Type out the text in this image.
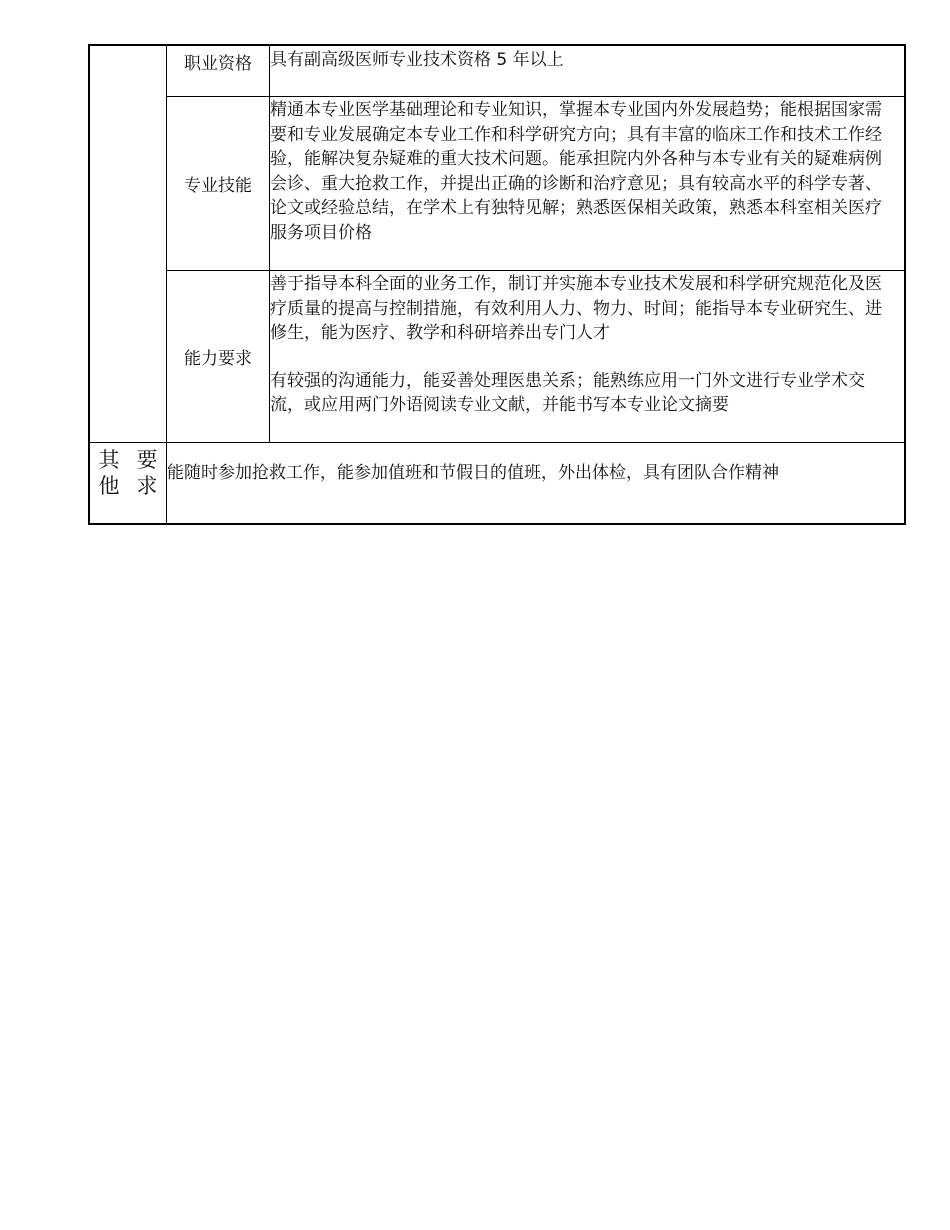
职业资格	具有副高级医师专业技术资格 5 年以上
专业技能
精通本专业医学基础理论和专业知识，掌握本专业国内外发展趋势；能根据国家需要和专业发展确定本专业工作和科学研究方向；具有丰富的临床工作和技术工作经验，能解决复杂疑难的重大技术问题。能承担院内外各种与本专业有关的疑难病例会诊、重大抢救工作，并提出正确的诊断和治疗意见；具有较高水平的科学专著、论文或经验总结，在学术上有独特见解；熟悉医保相关政策，熟悉本科室相关医疗服务项目价格
能力要求

善于指导本科全面的业务工作，制订并实施本专业技术发展和科学研究规范化及医疗质量的提高与控制措施，有效利用人力、物力、时间；能指导本专业研究生、进修生，能为医疗、教学和科研培养出专门人才

有较强的沟通能力，能妥善处理医患关系；能熟练应用一门外文进行专业学术交流，或应用两门外语阅读专业文献，并能书写本专业论文摘要

其他
要求
能随时参加抢救工作，能参加值班和节假日的值班，外出体检，具有团队合作精神
